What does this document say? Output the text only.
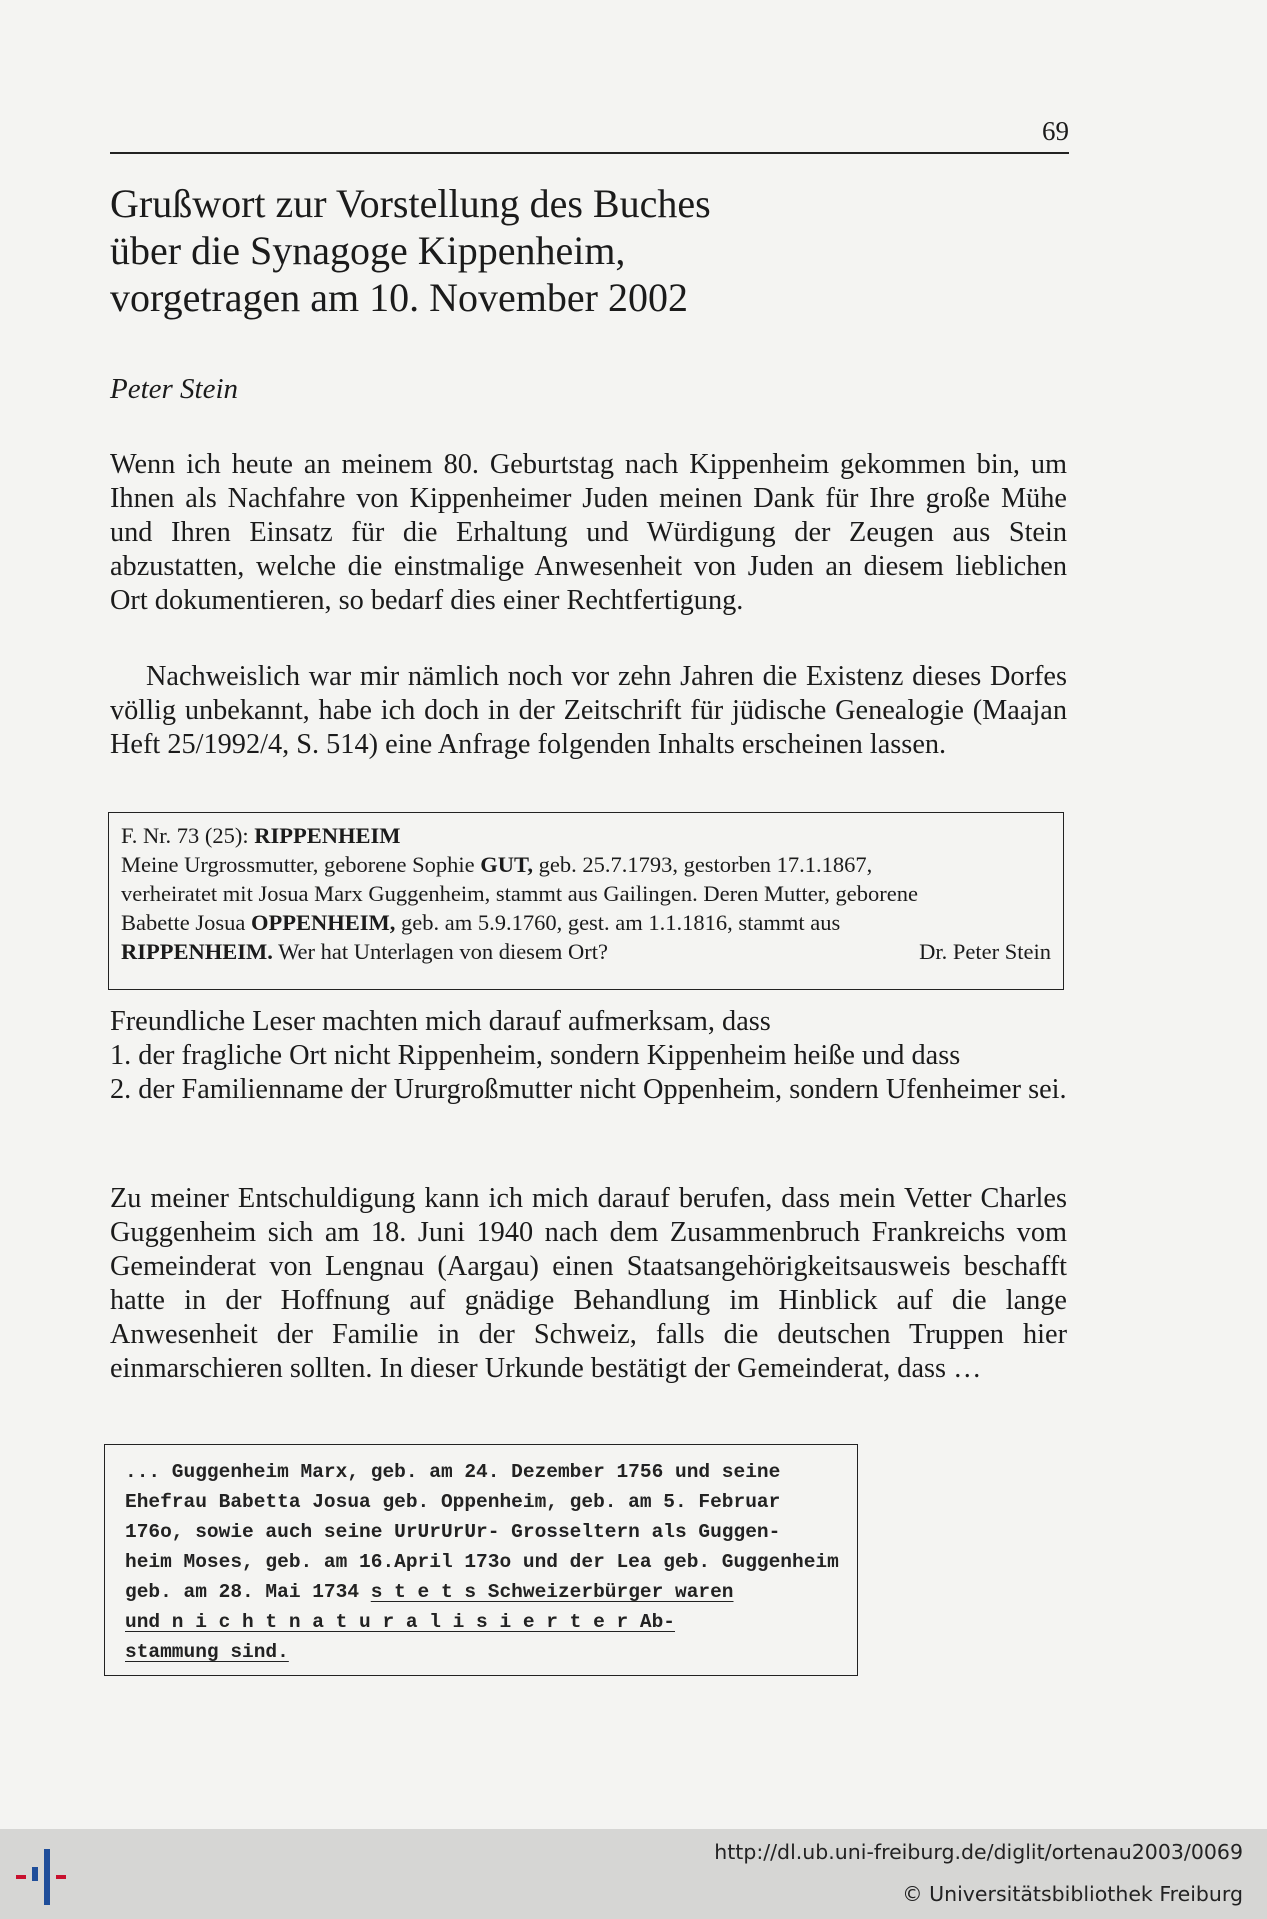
69
Grußwort zur Vorstellung des Buches
über die Synagoge Kippenheim,
vorgetragen am 10. November 2002
Peter Stein

Wenn ich heute an meinem 80. Geburtstag nach Kippenheim gekommen bin, um Ihnen als Nachfahre von Kippenheimer Juden meinen Dank für Ihre große Mühe und Ihren Einsatz für die Erhaltung und Würdigung der Zeugen aus Stein abzustatten, welche die einstmalige Anwesenheit von Juden an diesem lieblichen Ort dokumentieren, so bedarf dies einer Rechtfertigung.

Nachweislich war mir nämlich noch vor zehn Jahren die Existenz dieses Dorfes völlig unbekannt, habe ich doch in der Zeitschrift für jüdische Genealogie (Maajan Heft 25/1992/4, S. 514) eine Anfrage folgenden Inhalts erscheinen lassen.

F. Nr. 73 (25): RIPPENHEIM
Meine Urgrossmutter, geborene Sophie GUT, geb. 25.7.1793, gestorben 17.1.1867,
verheiratet mit Josua Marx Guggenheim, stammt aus Gailingen. Deren Mutter, geborene
Babette Josua OPPENHEIM, geb. am 5.9.1760, gest. am 1.1.1816, stammt aus
RIPPENHEIM. Wer hat Unterlagen von diesem Ort?	Dr. Peter Stein
Freundliche Leser machten mich darauf aufmerksam, dass
1. der fragliche Ort nicht Rippenheim, sondern Kippenheim heiße und dass
2. der Familienname der Ururgroßmutter nicht Oppenheim, sondern Ufenheimer sei.

Zu meiner Entschuldigung kann ich mich darauf berufen, dass mein Vetter Charles Guggenheim sich am 18. Juni 1940 nach dem Zusammenbruch Frankreichs vom Gemeinderat von Lengnau (Aargau) einen Staatsangehörigkeitsausweis beschafft hatte in der Hoffnung auf gnädige Behandlung im Hinblick auf die lange Anwesenheit der Familie in der Schweiz, falls die deutschen Truppen hier einmarschieren sollten. In dieser Urkunde bestätigt der Gemeinderat, dass …

... Guggenheim Marx, geb. am 24. Dezember 1756 und seine
Ehefrau Babetta Josua geb. Oppenheim, geb. am 5. Februar
176o, sowie auch seine UrUrUrUr- Grosseltern als Guggen-
heim Moses, geb. am 16.April 173o und der Lea geb. Guggenheim
geb. am 28. Mai 1734 s t e t s Schweizerbürger waren
und n i c h t n a t u r a l i s i e r t e r Ab-
stammung sind.
http://dl.ub.uni-freiburg.de/diglit/ortenau2003/0069
© Universitätsbibliothek Freiburg
